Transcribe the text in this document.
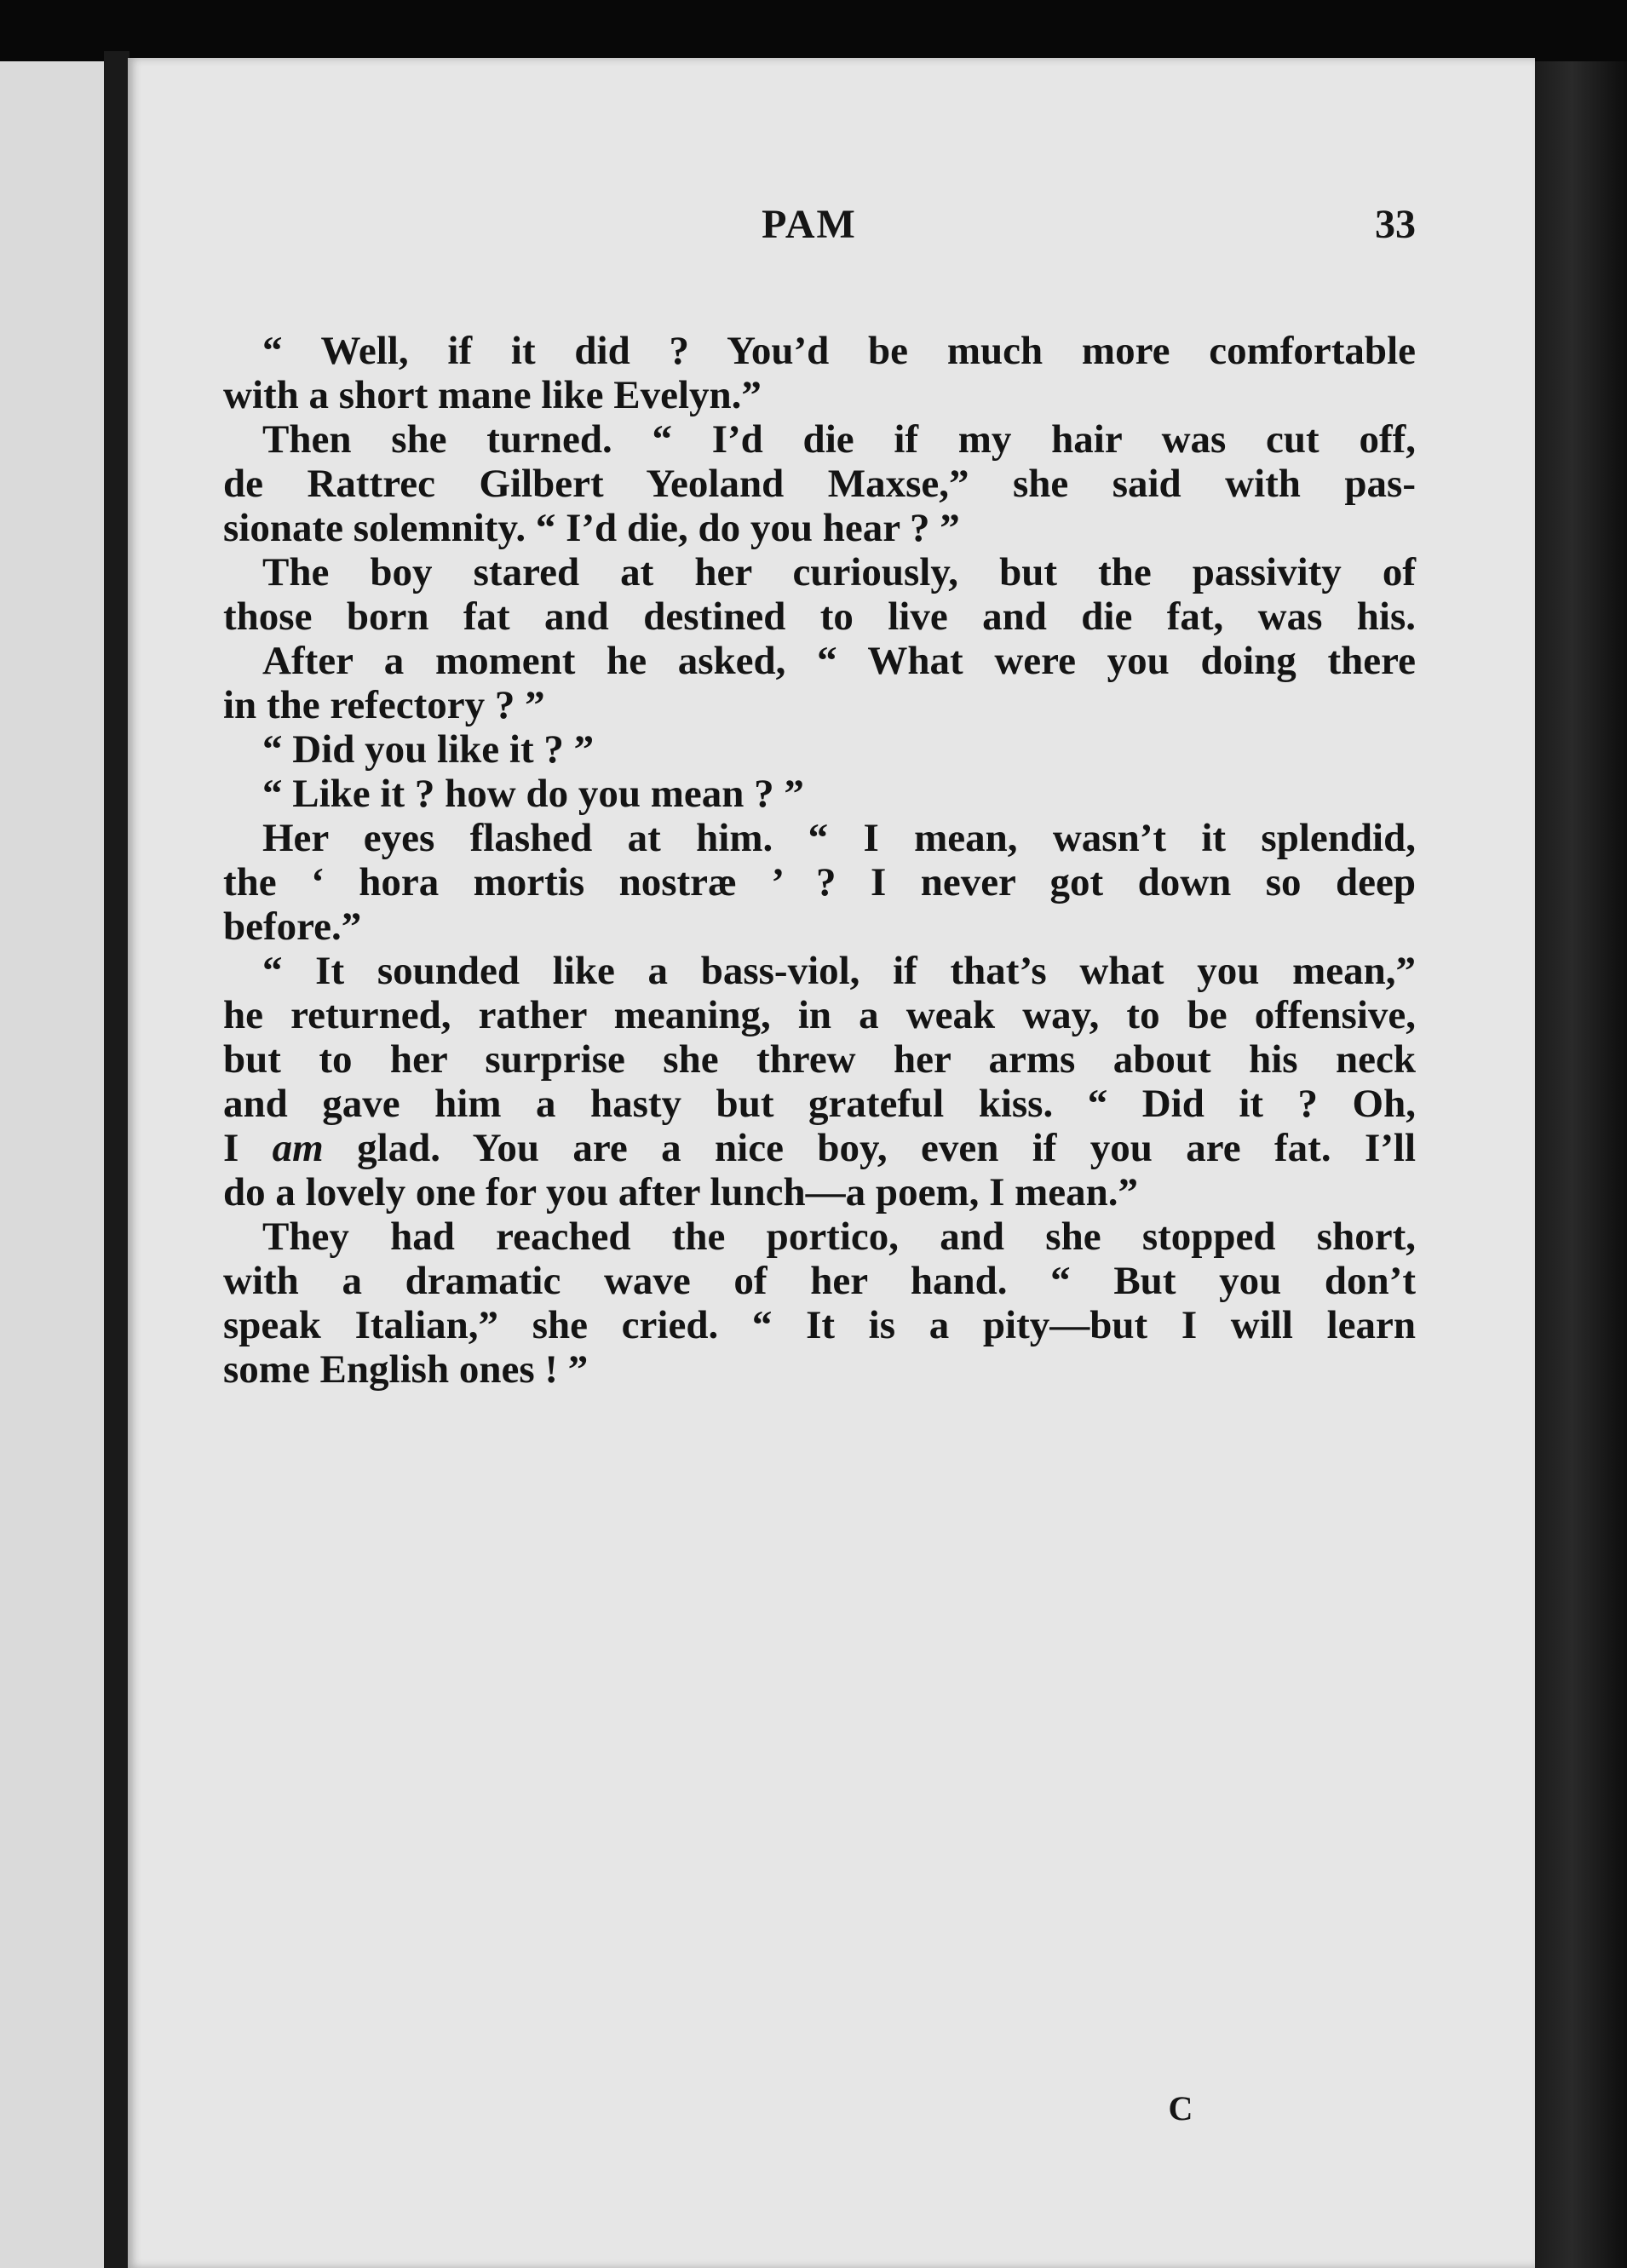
PAM	33
“ Well, if it did ? You’d be much more comfortable
with a short mane like Evelyn.”
Then she turned. “ I’d die if my hair was cut off,
de Rattrec Gilbert Yeoland Maxse,” she said with pas-
sionate solemnity. “ I’d die, do you hear ? ”
The boy stared at her curiously, but the passivity of
those born fat and destined to live and die fat, was his.
After a moment he asked, “ What were you doing there
in the refectory ? ”
“ Did you like it ? ”
“ Like it ? how do you mean ? ”
Her eyes flashed at him. “ I mean, wasn’t it splendid,
the ‘ hora mortis nostræ ’ ? I never got down so deep
before.”
“ It sounded like a bass-viol, if that’s what you mean,”
he returned, rather meaning, in a weak way, to be offensive,
but to her surprise she threw her arms about his neck
and gave him a hasty but grateful kiss. “ Did it ? Oh,
I am glad. You are a nice boy, even if you are fat. I’ll
do a lovely one for you after lunch—a poem, I mean.”
They had reached the portico, and she stopped short,
with a dramatic wave of her hand. “ But you don’t
speak Italian,” she cried. “ It is a pity—but I will learn
some English ones ! ”
C
